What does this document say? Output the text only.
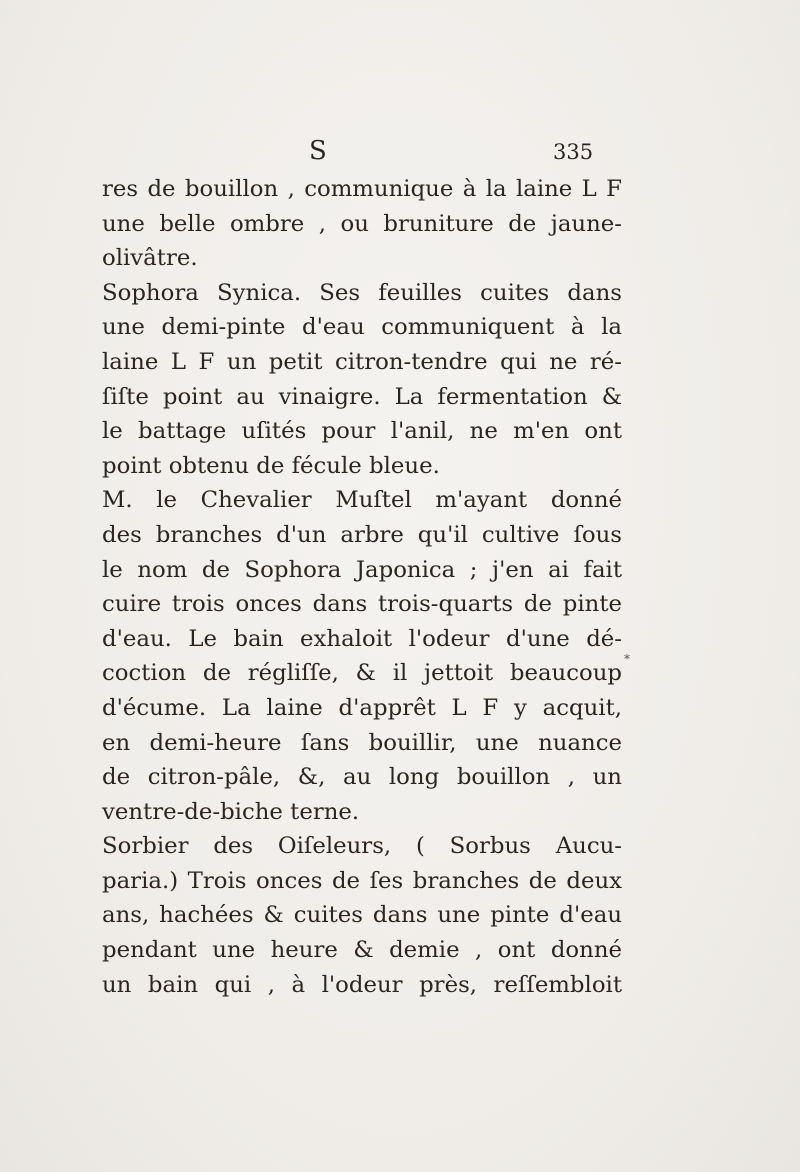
S	335
res de bouillon , communique à la laine L F
une belle ombre , ou bruniture de jaune-
olivâtre.
Sophora Synica. Ses feuilles cuites dans
une demi-pinte d'eau communiquent à la
laine L F un petit citron-tendre qui ne ré-
ſiſte point au vinaigre. La fermentation &
le battage uſités pour l'anil, ne m'en ont
point obtenu de fécule bleue.
M. le Chevalier Muſtel m'ayant donné
des branches d'un arbre qu'il cultive ſous
le nom de Sophora Japonica ; j'en ai fait
cuire trois onces dans trois-quarts de pinte
d'eau. Le bain exhaloit l'odeur d'une dé-
coction de régliſſe, & il jettoit beaucoup
d'écume. La laine d'apprêt L F y acquit,
en demi-heure ſans bouillir, une nuance
de citron-pâle, &, au long bouillon , un
ventre-de-biche terne.
Sorbier des Oiſeleurs, ( Sorbus Aucu-
paria.) Trois onces de ſes branches de deux
ans, hachées & cuites dans une pinte d'eau
pendant une heure & demie , ont donné
un bain qui , à l'odeur près, reſſembloit
*
